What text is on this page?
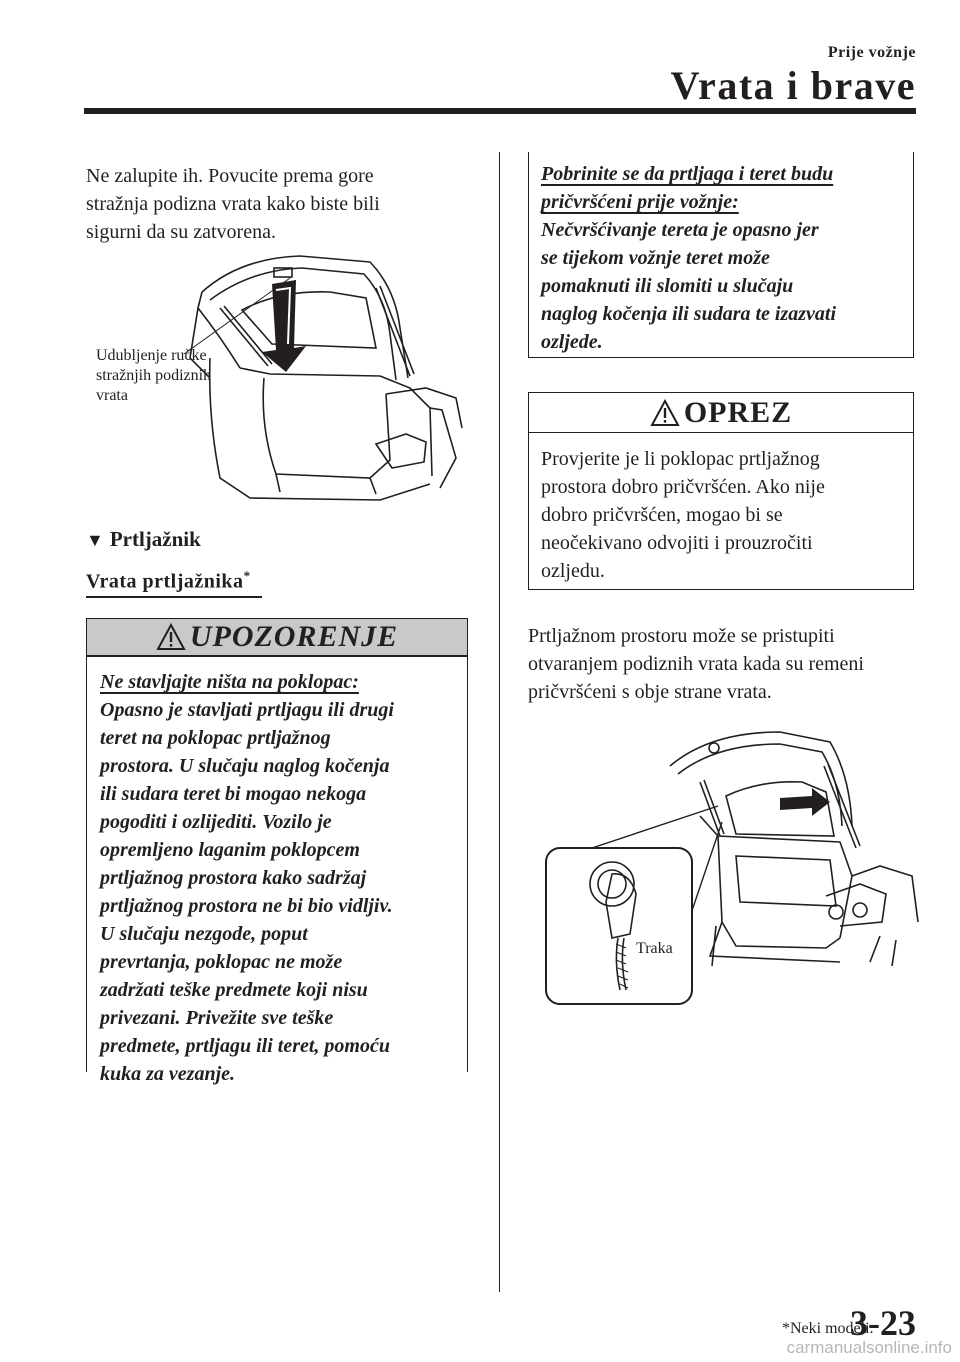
Prije vožnje
Vrata i brave

Ne zalupite ih. Povucite prema gore

stražnja podizna vrata kako biste bili

sigurni da su zatvorena.

Udubljenje ručke
stražnjih podiznih
vrata
▼ Prtljažnik
Vrata prtljažnika*
UPOZORENJE
Ne stavljajte ništa na poklopac:
Opasno je stavljati prtljagu ili drugi
teret na poklopac prtljažnog
prostora. U slučaju naglog kočenja
ili sudara teret bi mogao nekoga
pogoditi i ozlijediti. Vozilo je
opremljeno laganim poklopcem
prtljažnog prostora kako sadržaj
prtljažnog prostora ne bi bio vidljiv.
U slučaju nezgode, poput
prevrtanja, poklopac ne može
zadržati teške predmete koji nisu
privezani. Privežite sve teške
predmete, prtljagu ili teret, pomoću
kuka za vezanje.
Pobrinite se da prtljaga i teret budu
pričvršćeni prije vožnje:
Nečvršćivanje tereta je opasno jer
se tijekom vožnje teret može
pomaknuti ili slomiti u slučaju
naglog kočenja ili sudara te izazvati
ozljede.
OPREZ
Provjerite je li poklopac prtljažnog
prostora dobro pričvršćen. Ako nije
dobro pričvršćen, mogao bi se
neočekivano odvojiti i prouzročiti
ozljedu.

Prtljažnom prostoru može se pristupiti

otvaranjem podiznih vrata kada su remeni

pričvršćeni s obje strane vrata.

Traka
*Neki modeli.
3-23
carmanualsonline.info
